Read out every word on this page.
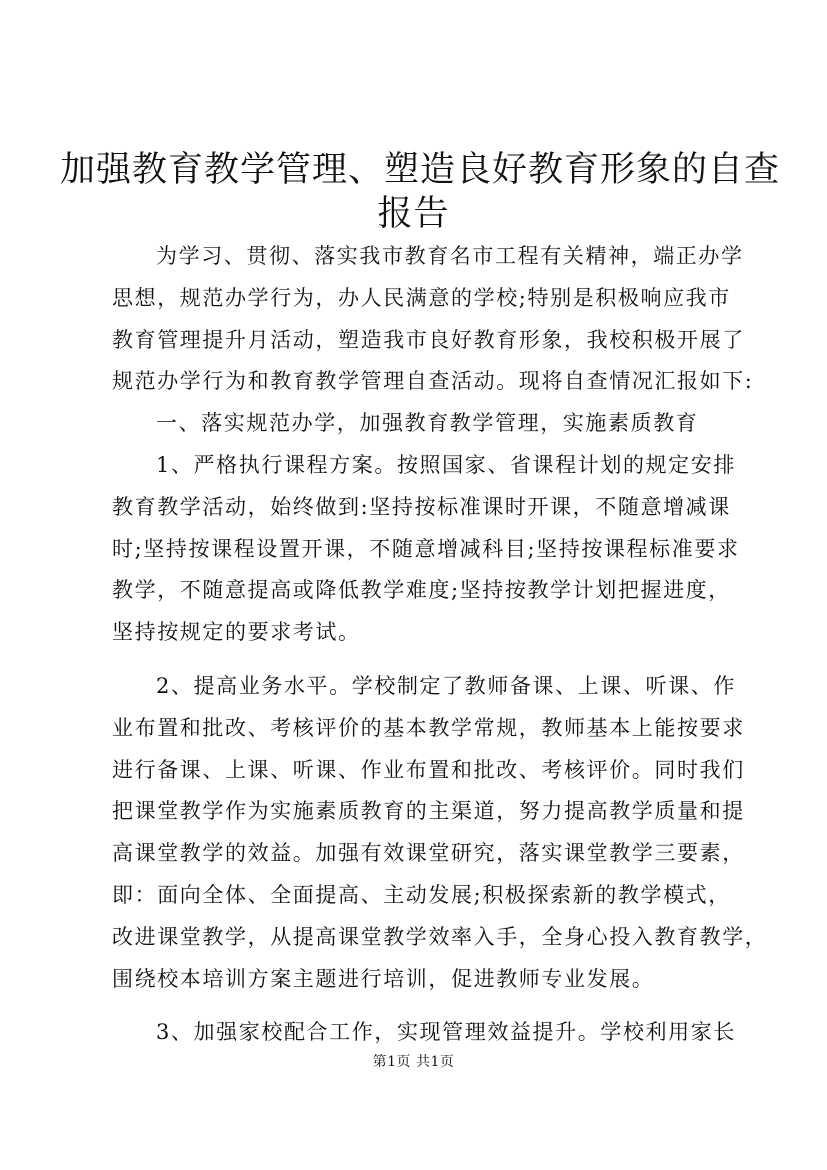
加强教育教学管理、塑造良好教育形象的自查
报告
为学习、贯彻、落实我市教育名市工程有关精神，端正办学
思想，规范办学行为，办人民满意的学校;特别是积极响应我市
教育管理提升月活动，塑造我市良好教育形象，我校积极开展了
规范办学行为和教育教学管理自查活动。现将自查情况汇报如下:
一、落实规范办学，加强教育教学管理，实施素质教育
1、严格执行课程方案。按照国家、省课程计划的规定安排
教育教学活动，始终做到:坚持按标准课时开课，不随意增减课
时;坚持按课程设置开课，不随意增减科目;坚持按课程标准要求
教学，不随意提高或降低教学难度;坚持按教学计划把握进度，
坚持按规定的要求考试。
2、提高业务水平。学校制定了教师备课、上课、听课、作
业布置和批改、考核评价的基本教学常规，教师基本上能按要求
进行备课、上课、听课、作业布置和批改、考核评价。同时我们
把课堂教学作为实施素质教育的主渠道，努力提高教学质量和提
高课堂教学的效益。加强有效课堂研究，落实课堂教学三要素，
即：面向全体、全面提高、主动发展;积极探索新的教学模式，
改进课堂教学，从提高课堂教学效率入手，全身心投入教育教学，
围绕校本培训方案主题进行培训，促进教师专业发展。
3、加强家校配合工作，实现管理效益提升。学校利用家长
第1页 共1页
